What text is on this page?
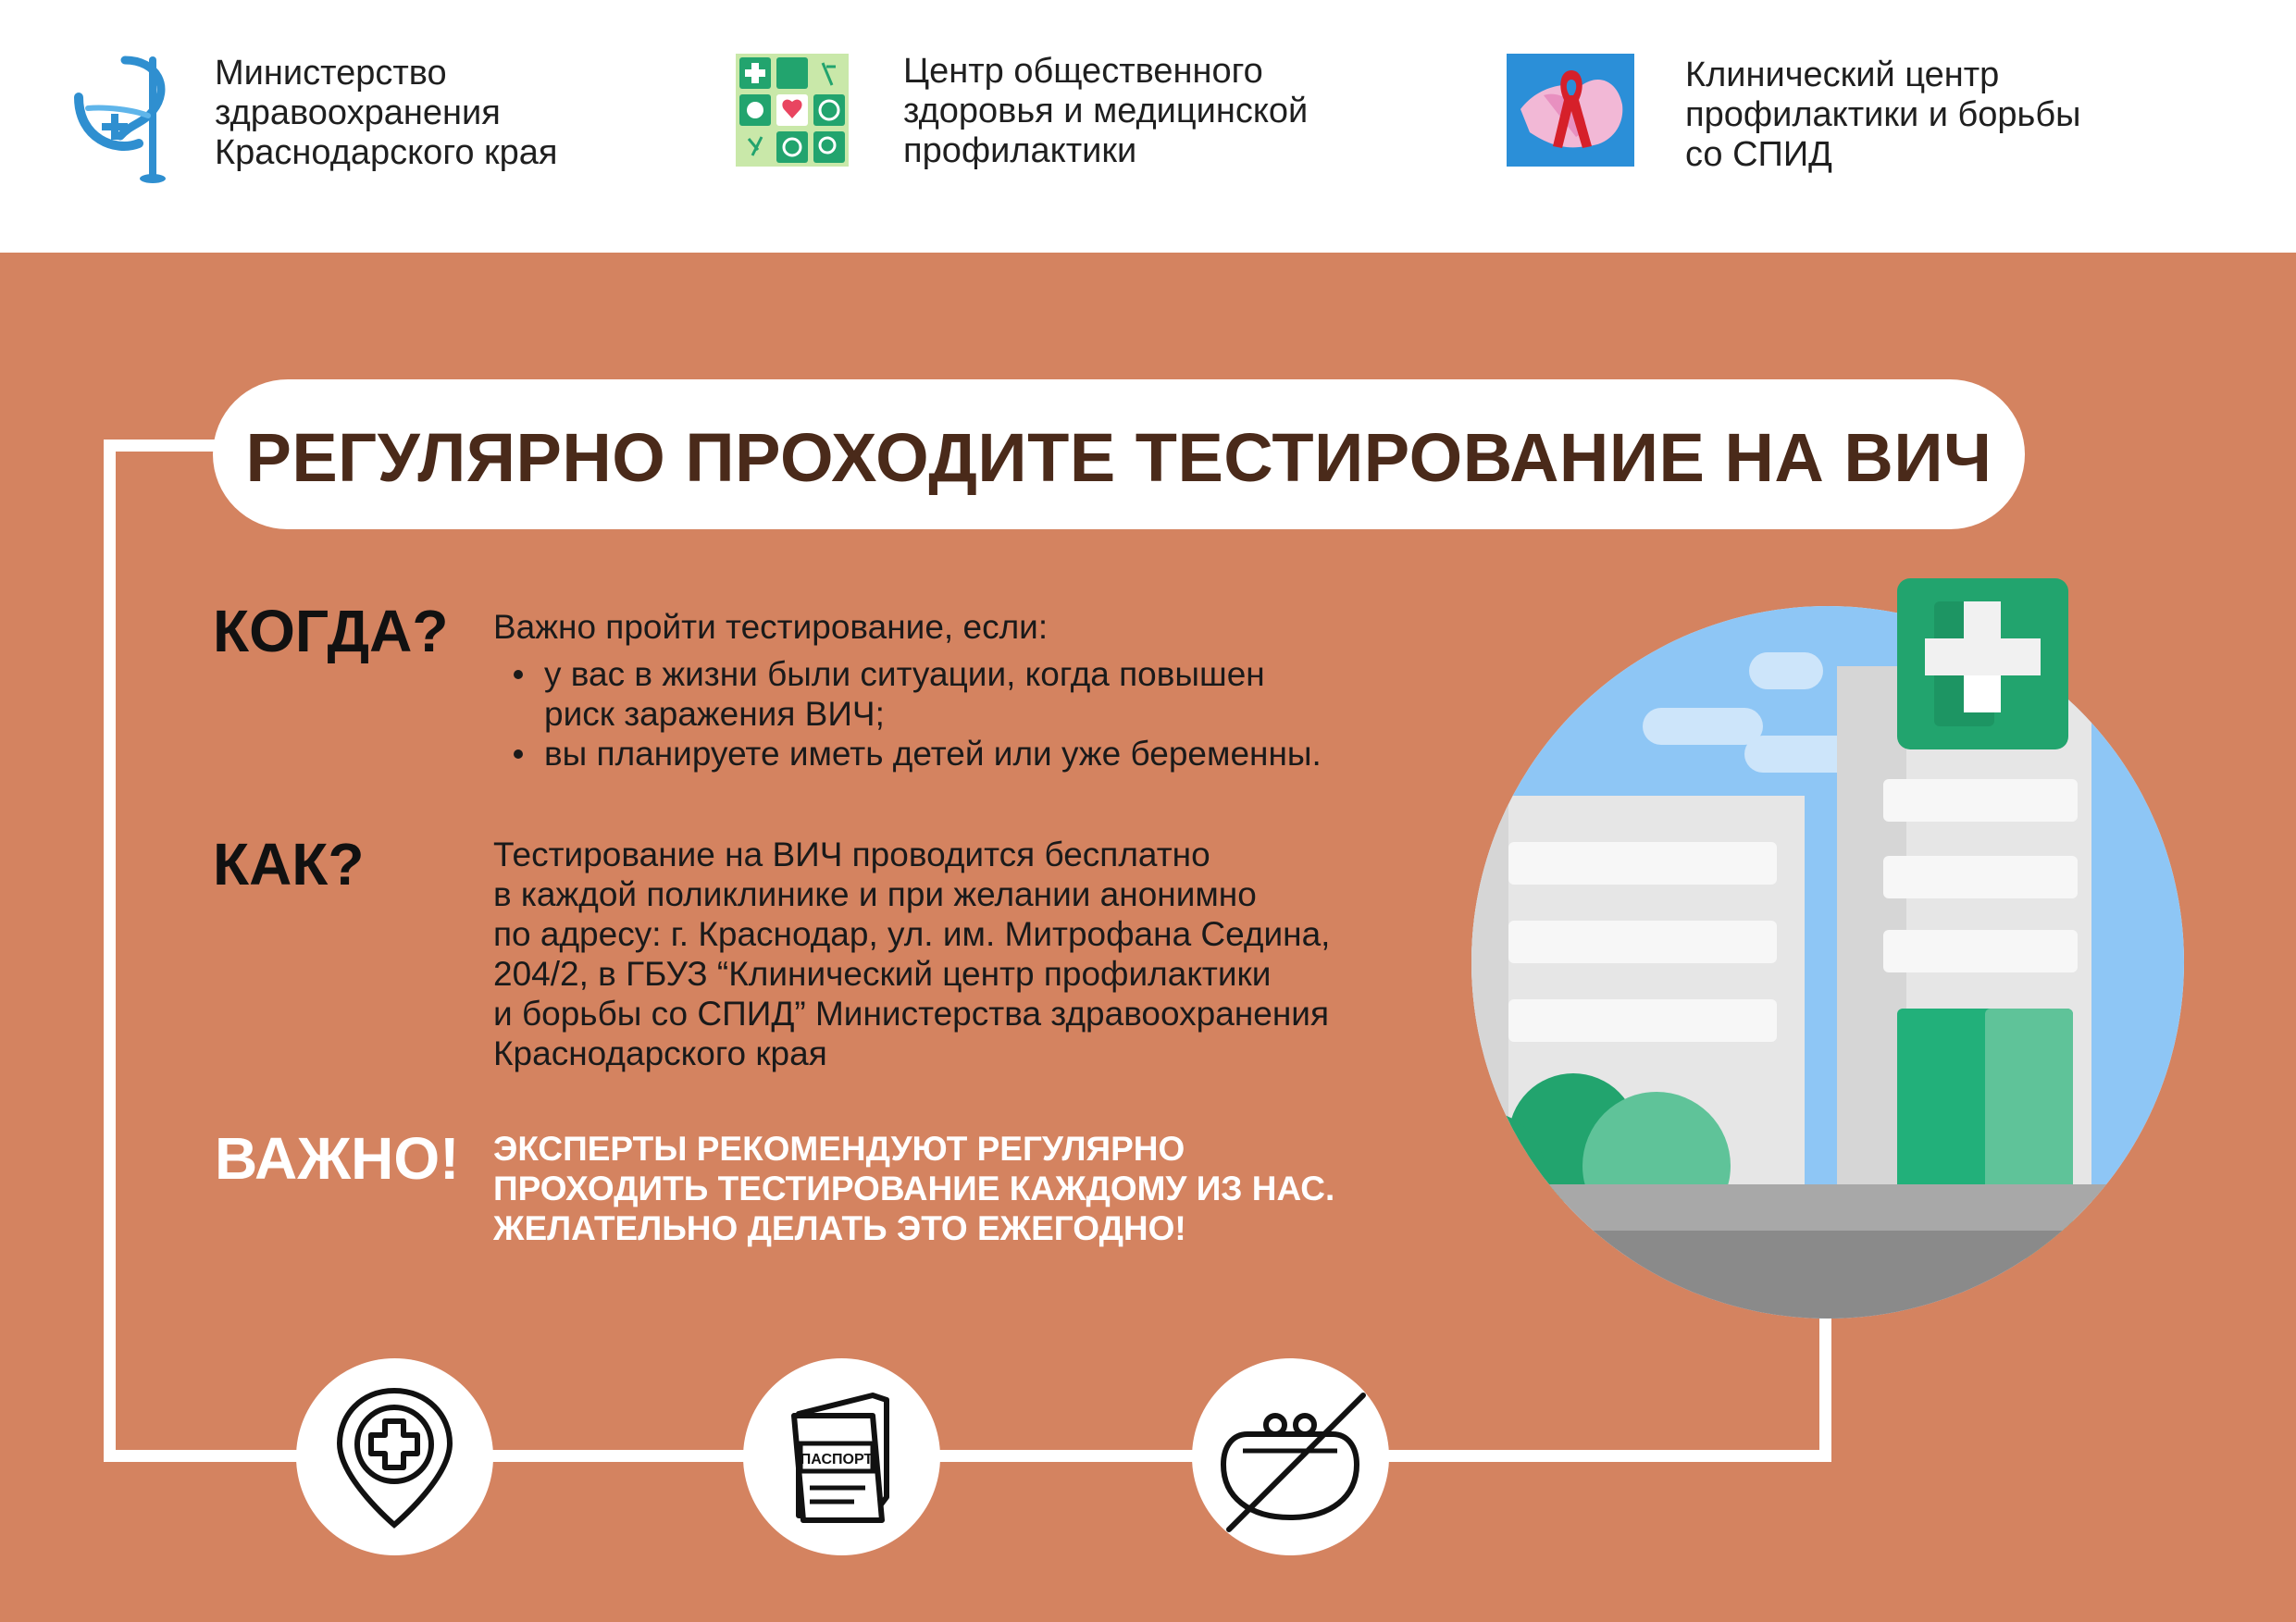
Министерство
здравоохранения
Краснодарского края
Центр общественного
здоровья и медицинской
профилактики
Клинический центр
профилактики и борьбы
со СПИД
РЕГУЛЯРНО ПРОХОДИТЕ ТЕСТИРОВАНИЕ НА ВИЧ
КОГДА? Важно пройти тестирование, если:
у вас в жизни были ситуации, когда повышен
риск заражения ВИЧ;
вы планируете иметь детей или уже беременны.
КАК?	Тестирование на ВИЧ проводится бесплатно
в каждой поликлинике и при желании анонимно
по адресу: г. Краснодар, ул. им. Митрофана Седина,
204/2, в ГБУЗ “Клинический центр профилактики
и борьбы со СПИД” Министерства здравоохранения
Краснодарского края
ВАЖНО! ЭКСПЕРТЫ РЕКОМЕНДУЮТ РЕГУЛЯРНО
ПРОХОДИТЬ ТЕСТИРОВАНИЕ КАЖДОМУ ИЗ НАС.
ЖЕЛАТЕЛЬНО ДЕЛАТЬ ЭТО ЕЖЕГОДНО!
ПАСПОРТ
